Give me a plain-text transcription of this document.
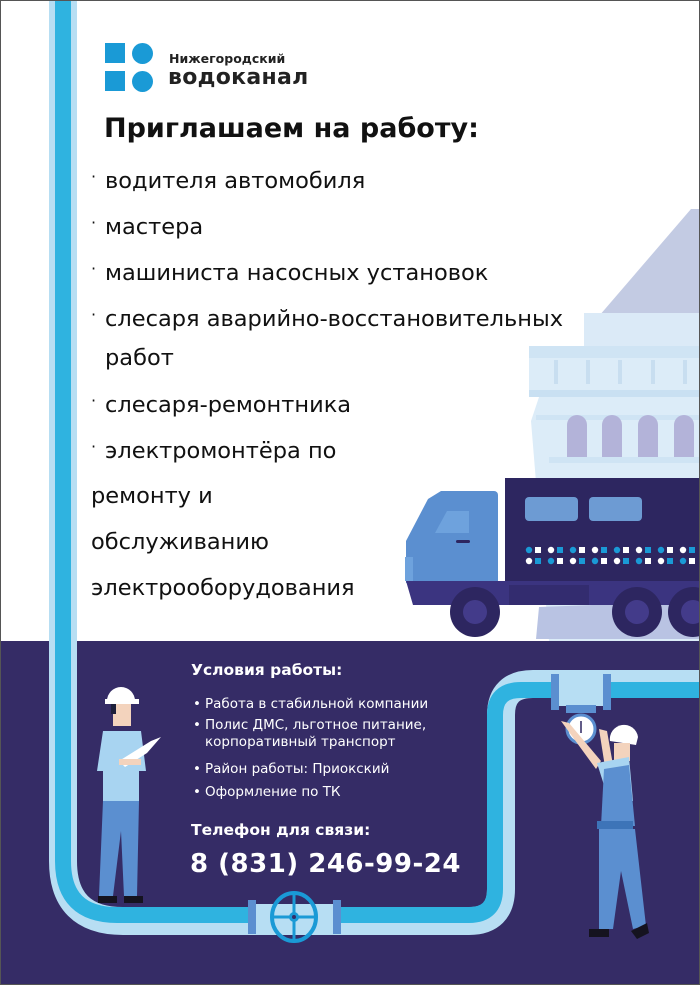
Нижегородский
водоканал
Приглашаем на работу:
· водителя автомобиля
· мастера
· машиниста насосных установок
· слесаря аварийно-восстановительных
работ
· слесаря-ремонтника
· электромонтёра по
ремонту и
обслуживанию
электрооборудования
Условия работы:
• Работа в стабильной компании
• Полис ДМС, льготное питание,
корпоративный транспорт
• Район работы: Приокский
• Оформление по ТК
Телефон для связи:
8 (831) 246-99-24
